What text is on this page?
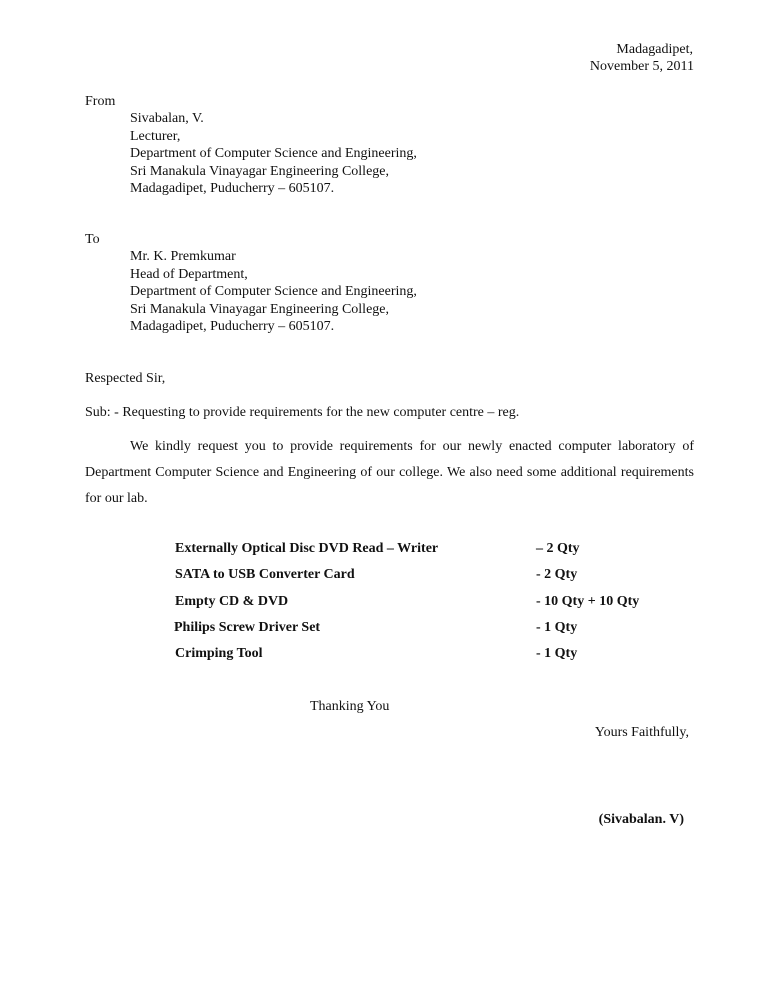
Madagadipet,
November 5, 2011
From
Sivabalan, V.
Lecturer,
Department of Computer Science and Engineering,
Sri Manakula Vinayagar Engineering College,
Madagadipet, Puducherry – 605107.
To
Mr. K. Premkumar
Head of Department,
Department of Computer Science and Engineering,
Sri Manakula Vinayagar Engineering College,
Madagadipet, Puducherry – 605107.
Respected Sir,
Sub: - Requesting to provide requirements for the new computer centre – reg.
We kindly request you to provide requirements for our newly enacted computer laboratory of Department Computer Science and Engineering of our college. We also need some additional requirements for our lab.
Externally Optical Disc DVD Read – Writer	– 2 Qty
SATA to USB Converter Card	- 2 Qty
Empty CD & DVD	- 10 Qty + 10 Qty
Philips Screw Driver Set	- 1 Qty
Crimping Tool	- 1 Qty
Thanking You
Yours Faithfully,
(Sivabalan. V)
